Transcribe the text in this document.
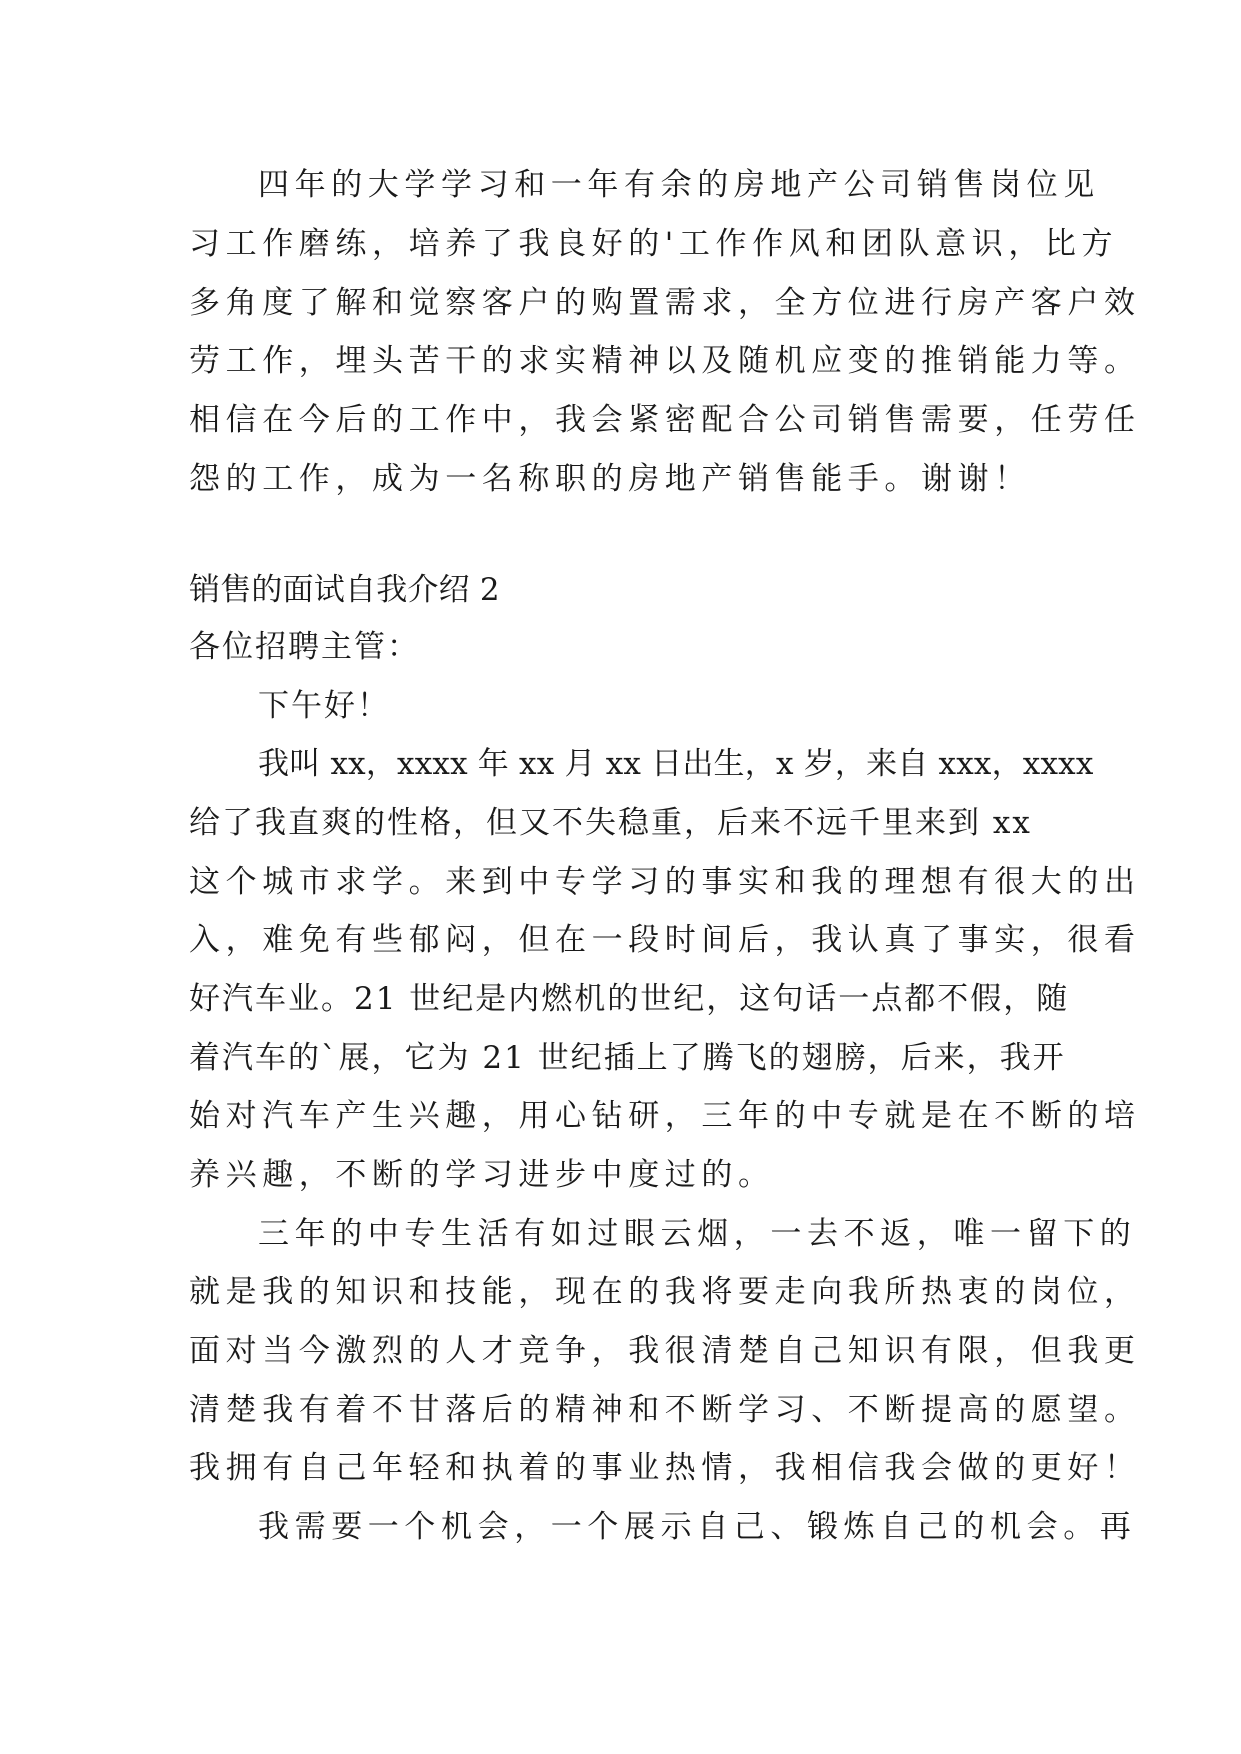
四年的大学学习和一年有余的房地产公司销售岗位见
习工作磨练，培养了我良好的'工作作风和团队意识，比方
多角度了解和觉察客户的购置需求，全方位进行房产客户效
劳工作，埋头苦干的求实精神以及随机应变的推销能力等。
相信在今后的工作中，我会紧密配合公司销售需要，任劳任
怨的工作，成为一名称职的房地产销售能手。谢谢！
销售的面试自我介绍 2
各位招聘主管：
下午好！
我叫 xx，xxxx 年 xx 月 xx 日出生，x 岁，来自 xxx，xxxx
给了我直爽的性格，但又不失稳重，后来不远千里来到 xx
这个城市求学。来到中专学习的事实和我的理想有很大的出
入，难免有些郁闷，但在一段时间后，我认真了事实，很看
好汽车业。21 世纪是内燃机的世纪，这句话一点都不假，随
着汽车的`展，它为 21 世纪插上了腾飞的翅膀，后来，我开
始对汽车产生兴趣，用心钻研，三年的中专就是在不断的培
养兴趣，不断的学习进步中度过的。
三年的中专生活有如过眼云烟，一去不返，唯一留下的
就是我的知识和技能，现在的我将要走向我所热衷的岗位，
面对当今激烈的人才竞争，我很清楚自己知识有限，但我更
清楚我有着不甘落后的精神和不断学习、不断提高的愿望。
我拥有自己年轻和执着的事业热情，我相信我会做的更好！
我需要一个机会，一个展示自己、锻炼自己的机会。再
